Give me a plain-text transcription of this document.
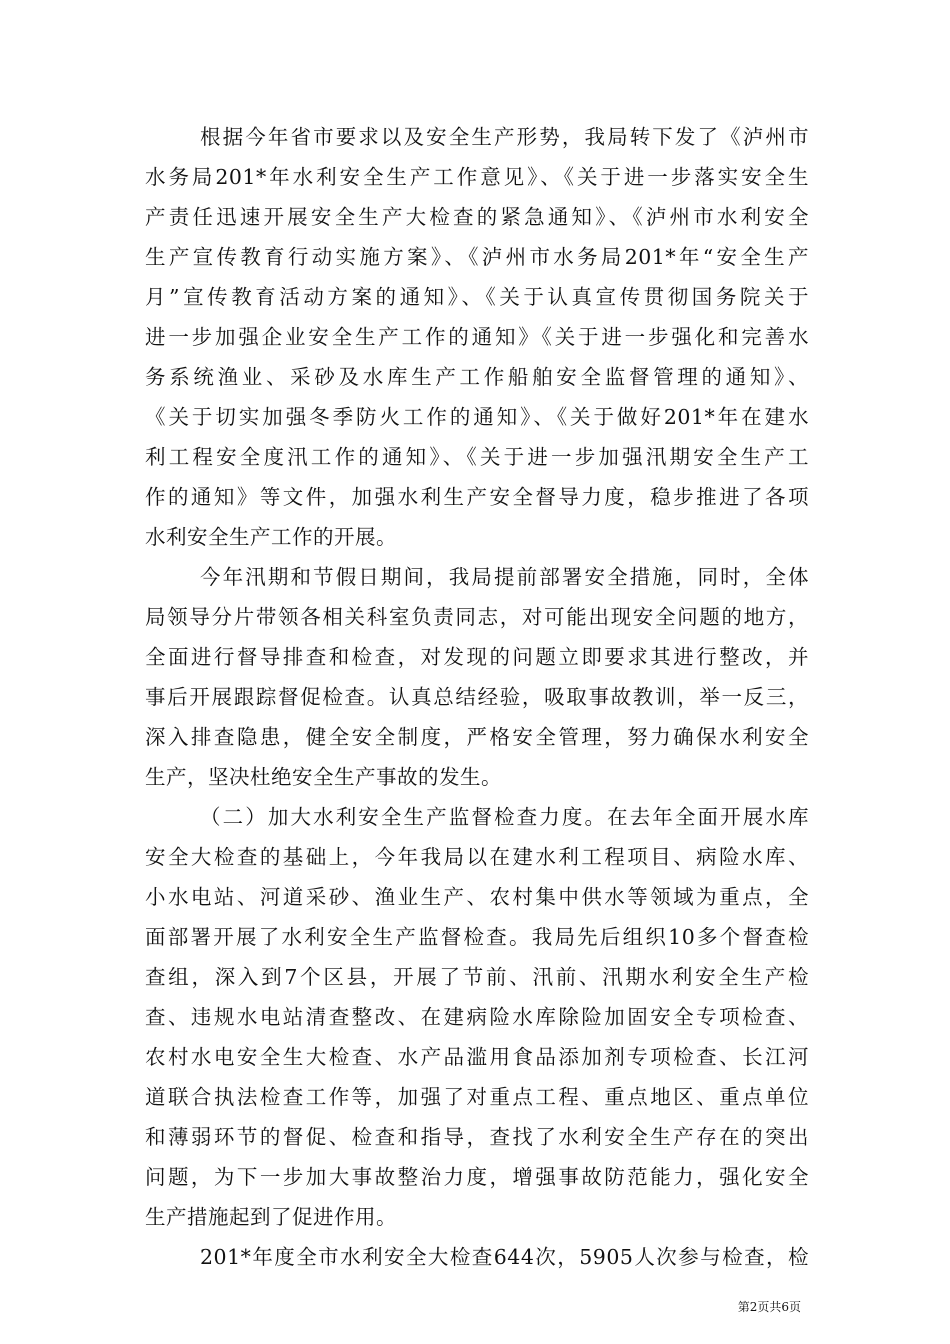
根据今年省市要求以及安全生产形势，我局转下发了《泸州市
水务局201*年水利安全生产工作意见》、《关于进一步落实安全生
产责任迅速开展安全生产大检查的紧急通知》、《泸州市水利安全
生产宣传教育行动实施方案》、《泸州市水务局201*年“安全生产
月”宣传教育活动方案的通知》、《关于认真宣传贯彻国务院关于
进一步加强企业安全生产工作的通知》《关于进一步强化和完善水
务系统渔业、采砂及水库生产工作船舶安全监督管理的通知》、
《关于切实加强冬季防火工作的通知》、《关于做好201*年在建水
利工程安全度汛工作的通知》、《关于进一步加强汛期安全生产工
作的通知》等文件，加强水利生产安全督导力度，稳步推进了各项
水利安全生产工作的开展。
今年汛期和节假日期间，我局提前部署安全措施，同时，全体
局领导分片带领各相关科室负责同志，对可能出现安全问题的地方，
全面进行督导排查和检查，对发现的问题立即要求其进行整改，并
事后开展跟踪督促检查。认真总结经验，吸取事故教训，举一反三，
深入排查隐患，健全安全制度，严格安全管理，努力确保水利安全
生产，坚决杜绝安全生产事故的发生。
（二）加大水利安全生产监督检查力度。在去年全面开展水库
安全大检查的基础上，今年我局以在建水利工程项目、病险水库、
小水电站、河道采砂、渔业生产、农村集中供水等领域为重点，全
面部署开展了水利安全生产监督检查。我局先后组织10多个督查检
查组，深入到7个区县，开展了节前、汛前、汛期水利安全生产检
查、违规水电站清查整改、在建病险水库除险加固安全专项检查、
农村水电安全生大检查、水产品滥用食品添加剂专项检查、长江河
道联合执法检查工作等，加强了对重点工程、重点地区、重点单位
和薄弱环节的督促、检查和指导，查找了水利安全生产存在的突出
问题，为下一步加大事故整治力度，增强事故防范能力，强化安全
生产措施起到了促进作用。
201*年度全市水利安全大检查644次，5905人次参与检查，检
第2页共6页
